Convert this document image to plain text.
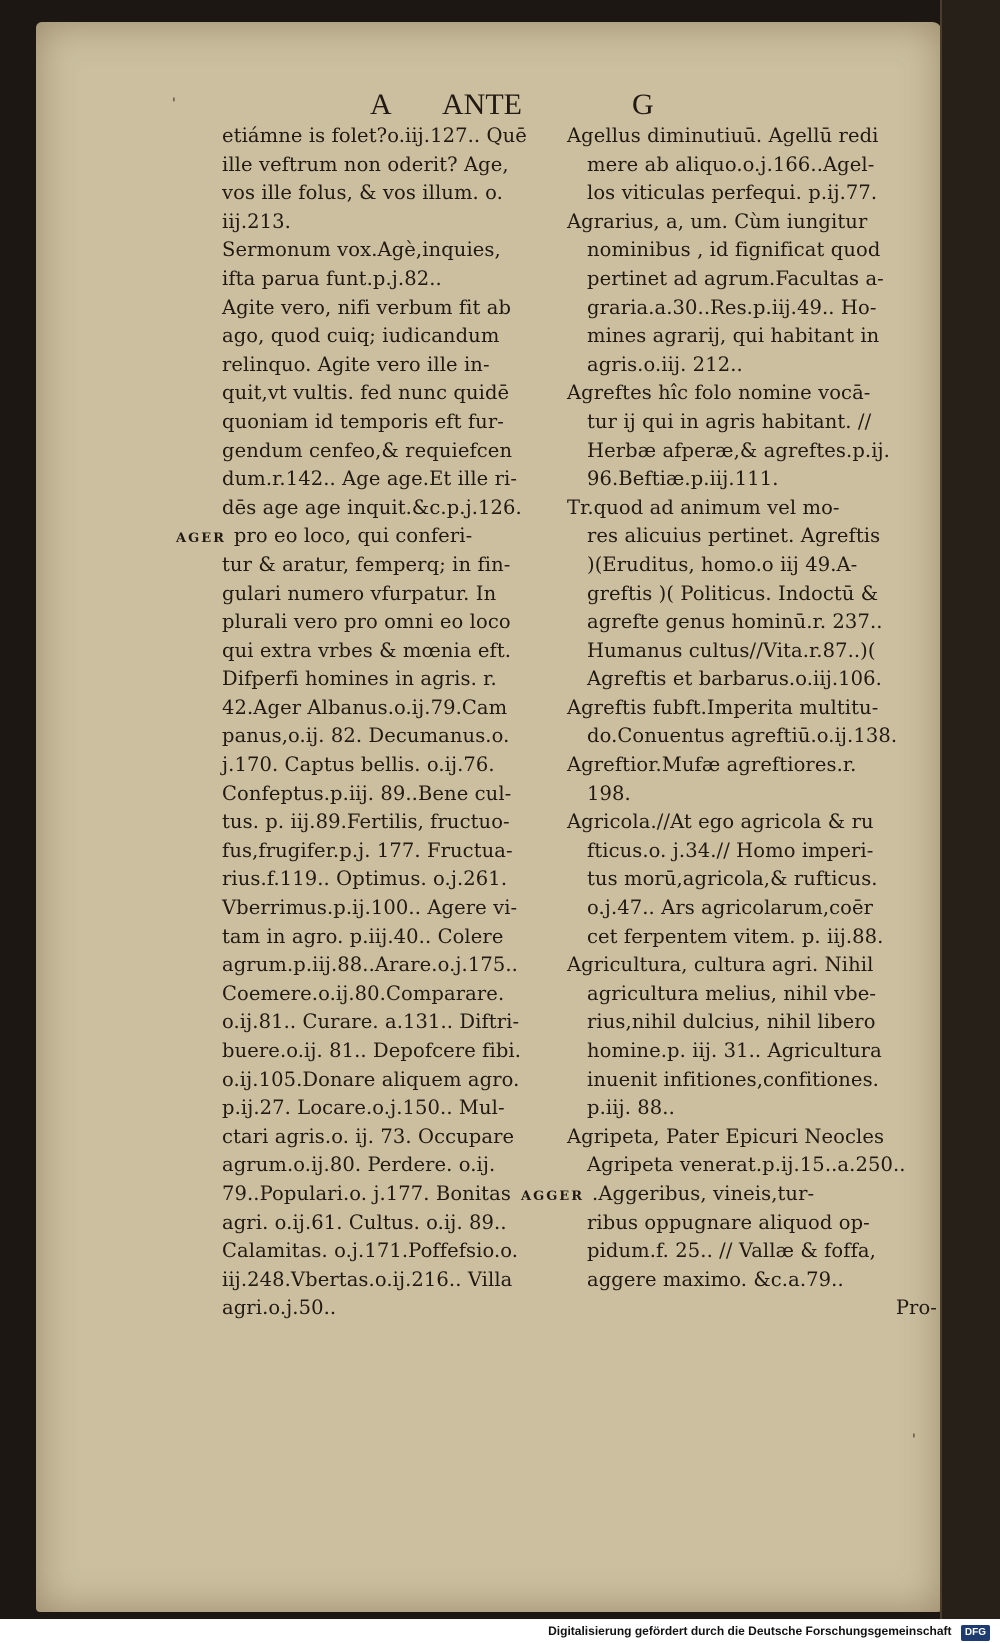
A ANTE	G
etiámne is folet?o.iij.127.. Quē
ille veftrum non oderit? Age,
vos ille folus, & vos illum. o.
iij.213.
Sermonum vox.Agè,inquies,
ifta parua funt.p.j.82..
Agite vero, nifi verbum fit ab
ago, quod cuiq; iudicandum
relinquo. Agite vero ille in-
quit,vt vultis. fed nunc quidē
quoniam id temporis eft fur-
gendum cenfeo,& requiefcen
dum.r.142.. Age age.Et ille ri-
dēs age age inquit.&c.p.j.126.
AGER pro eo loco, qui conferi-
tur & aratur, femperq; in fin-
gulari numero vfurpatur. In
plurali vero pro omni eo loco
qui extra vrbes & mœnia eft.
Difperfi homines in agris. r.
42.Ager Albanus.o.ij.79.Cam
panus,o.ij. 82. Decumanus.o.
j.170. Captus bellis. o.ij.76.
Confeptus.p.iij. 89..Bene cul-
tus. p. iij.89.Fertilis, fructuo-
fus,frugifer.p.j. 177. Fructua-
rius.f.119.. Optimus. o.j.261.
Vberrimus.p.ij.100.. Agere vi-
tam in agro. p.iij.40.. Colere
agrum.p.iij.88..Arare.o.j.175..
Coemere.o.ij.80.Comparare.
o.ij.81.. Curare. a.131.. Diftri-
buere.o.ij. 81.. Depofcere fibi.
o.ij.105.Donare aliquem agro.
p.ij.27. Locare.o.j.150.. Mul-
ctari agris.o. ij. 73. Occupare
agrum.o.ij.80. Perdere. o.ij.
79..Populari.o. j.177. Bonitas
agri. o.ij.61. Cultus. o.ij. 89..
Calamitas. o.j.171.Poffefsio.o.
iij.248.Vbertas.o.ij.216.. Villa
agri.o.j.50..
Agellus diminutiuū. Agellū redi
mere ab aliquo.o.j.166..Agel-
los viticulas perfequi. p.ij.77.
Agrarius, a, um. Cùm iungitur
nominibus , id fignificat quod
pertinet ad agrum.Facultas a-
graria.a.30..Res.p.iij.49.. Ho-
mines agrarij, qui habitant in
agris.o.iij. 212..
Agreftes hîc folo nomine vocā-
tur ij qui in agris habitant. //
Herbæ afperæ,& agreftes.p.ij.
96.Beftiæ.p.iij.111.
Tr.quod ad animum vel mo-
res alicuius pertinet. Agreftis
)(Eruditus, homo.o iij 49.A-
greftis )( Politicus. Indoctū &
agrefte genus hominū.r. 237..
Humanus cultus//Vita.r.87..)(
Agreftis et barbarus.o.iij.106.
Agreftis fubft.Imperita multitu-
do.Conuentus agreftiū.o.ij.138.
Agreftior.Mufæ agreftiores.r.
198.
Agricola.//At ego agricola & ru
fticus.o. j.34.// Homo imperi-
tus morū,agricola,& rufticus.
o.j.47.. Ars agricolarum,coēr
cet ferpentem vitem. p. iij.88.
Agricultura, cultura agri. Nihil
agricultura melius, nihil vbe-
rius,nihil dulcius, nihil libero
homine.p. iij. 31.. Agricultura
inuenit infitiones,confitiones.
p.iij. 88..
Agripeta, Pater Epicuri Neocles
Agripeta venerat.p.ij.15..a.250..
AGGER .Aggeribus, vineis,tur-
ribus oppugnare aliquod op-
pidum.f. 25.. // Vallæ & foffa,
aggere maximo. &c.a.79..
Pro-
'
'
Digitalisierung gefördert durch die Deutsche Forschungsgemeinschaft DFG
